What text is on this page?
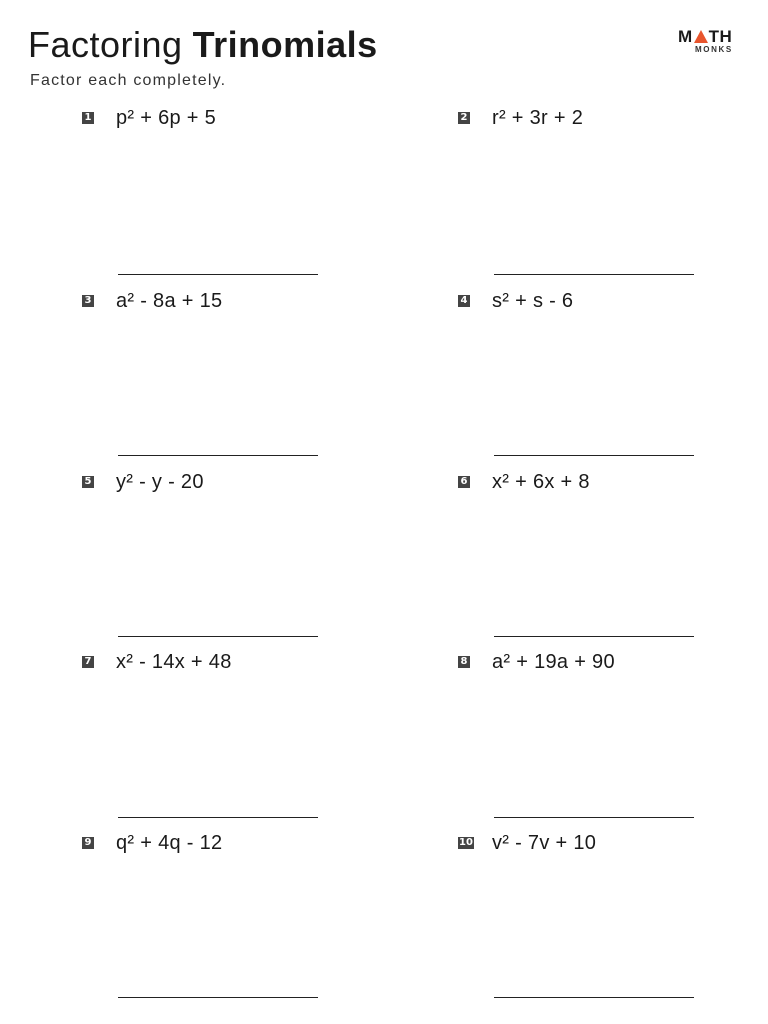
Factoring Trinomials
Factor each completely.
M TH
MONKS
1 p² + 6p + 5	2 r² + 3r + 2
3 a² - 8a + 15	4 s² + s - 6
5 y² - y - 20	6 x² + 6x + 8
7 x² - 14x + 48	8 a² + 19a + 90
9 q² + 4q - 12	10 v² - 7v + 10
